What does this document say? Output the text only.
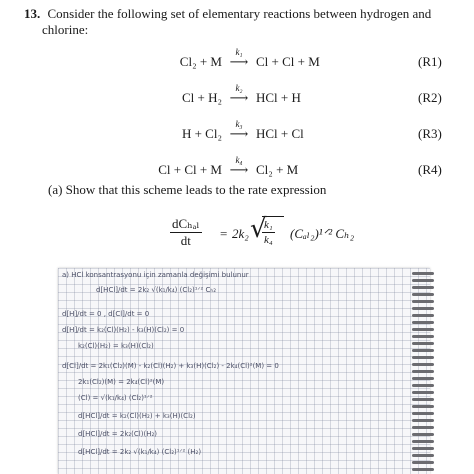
13. Consider the following set of elementary reactions between hydrogen and
chlorine:
Cl₂ + M
k₁
⟶ Cl + Cl + M	(R1)
Cl + H₂
k₂
⟶ HCl + H	(R2)
H + Cl₂
k₃
⟶ HCl + Cl	(R3)
Cl + Cl + M
k₄
⟶ Cl₂ + M	(R4)
(a) Show that this scheme leads to the rate expression
dCₕₐₗ
dt	= 2k₂ √
$\frac{\text{k₁}}{\text{k₄}}$ (Cₐₗ₂)¹ᐟ² Cₕ₂
a) HCl konsantrasyonu için zamanla değişimi bulunur
d[HCl]/dt = 2k₂ √(k₁/k₄) (Cl₂)¹ᐟ² Cₕ₂
d[H]/dt = 0 , d[Cl]/dt = 0
d[H]/dt = k₂(Cl)(H₂) - k₃(H)(Cl₂) = 0
k₂(Cl)(H₂) = k₃(H)(Cl₂)
d[Cl]/dt = 2k₁(Cl₂)(M) - k₂(Cl)(H₂) + k₃(H)(Cl₂) - 2k₄(Cl)²(M) = 0
2k₁(Cl₂)(M) = 2k₄(Cl)²(M)
(Cl) = √(k₁/k₄) (Cl₂)¹ᐟ²
d[HCl]/dt = k₂(Cl)(H₂) + k₃(H)(Cl₂)
d[HCl]/dt = 2k₂(Cl)(H₂)
d[HCl]/dt = 2k₂ √(k₁/k₄) (Cl₂)¹ᐟ² (H₂)
